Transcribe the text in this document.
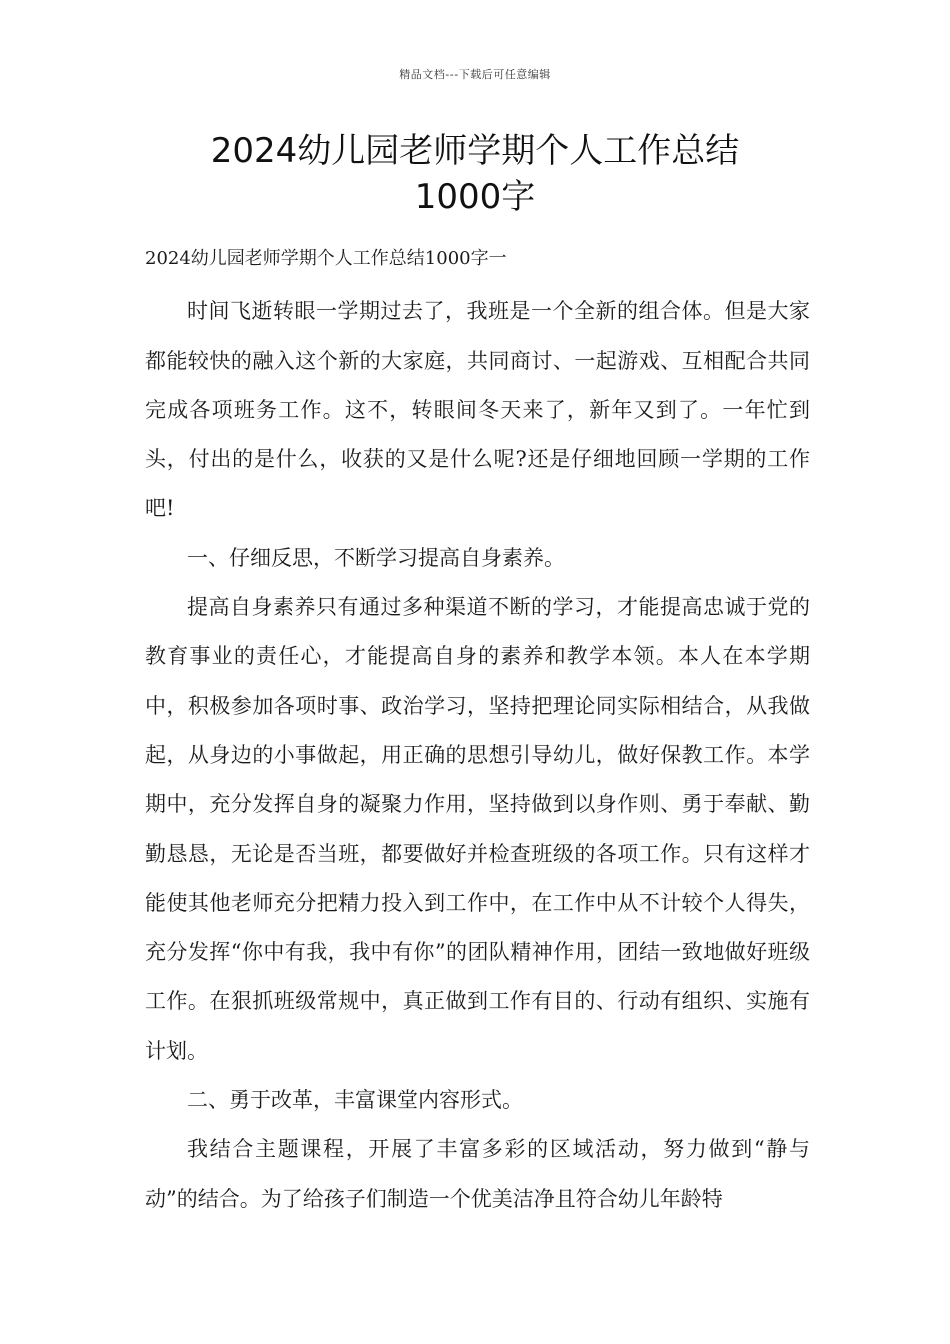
精品文档---下载后可任意编辑
2024幼儿园老师学期个人工作总结
1000字

2024幼儿园老师学期个人工作总结1000字一

时间飞逝转眼一学期过去了，我班是一个全新的组合体。但是大家都能较快的融入这个新的大家庭，共同商讨、一起游戏、互相配合共同完成各项班务工作。这不，转眼间冬天来了，新年又到了。一年忙到头，付出的是什么，收获的又是什么呢?还是仔细地回顾一学期的工作吧!

一、仔细反思，不断学习提高自身素养。

提高自身素养只有通过多种渠道不断的学习，才能提高忠诚于党的教育事业的责任心，才能提高自身的素养和教学本领。本人在本学期中，积极参加各项时事、政治学习，坚持把理论同实际相结合，从我做起，从身边的小事做起，用正确的思想引导幼儿，做好保教工作。本学期中，充分发挥自身的凝聚力作用，坚持做到以身作则、勇于奉献、勤勤恳恳，无论是否当班，都要做好并检查班级的各项工作。只有这样才能使其他老师充分把精力投入到工作中，在工作中从不计较个人得失，充分发挥“你中有我，我中有你”的团队精神作用，团结一致地做好班级工作。在狠抓班级常规中，真正做到工作有目的、行动有组织、实施有计划。

二、勇于改革，丰富课堂内容形式。

我结合主题课程，开展了丰富多彩的区域活动，努力做到“静与动”的结合。为了给孩子们制造一个优美洁净且符合幼儿年龄特
